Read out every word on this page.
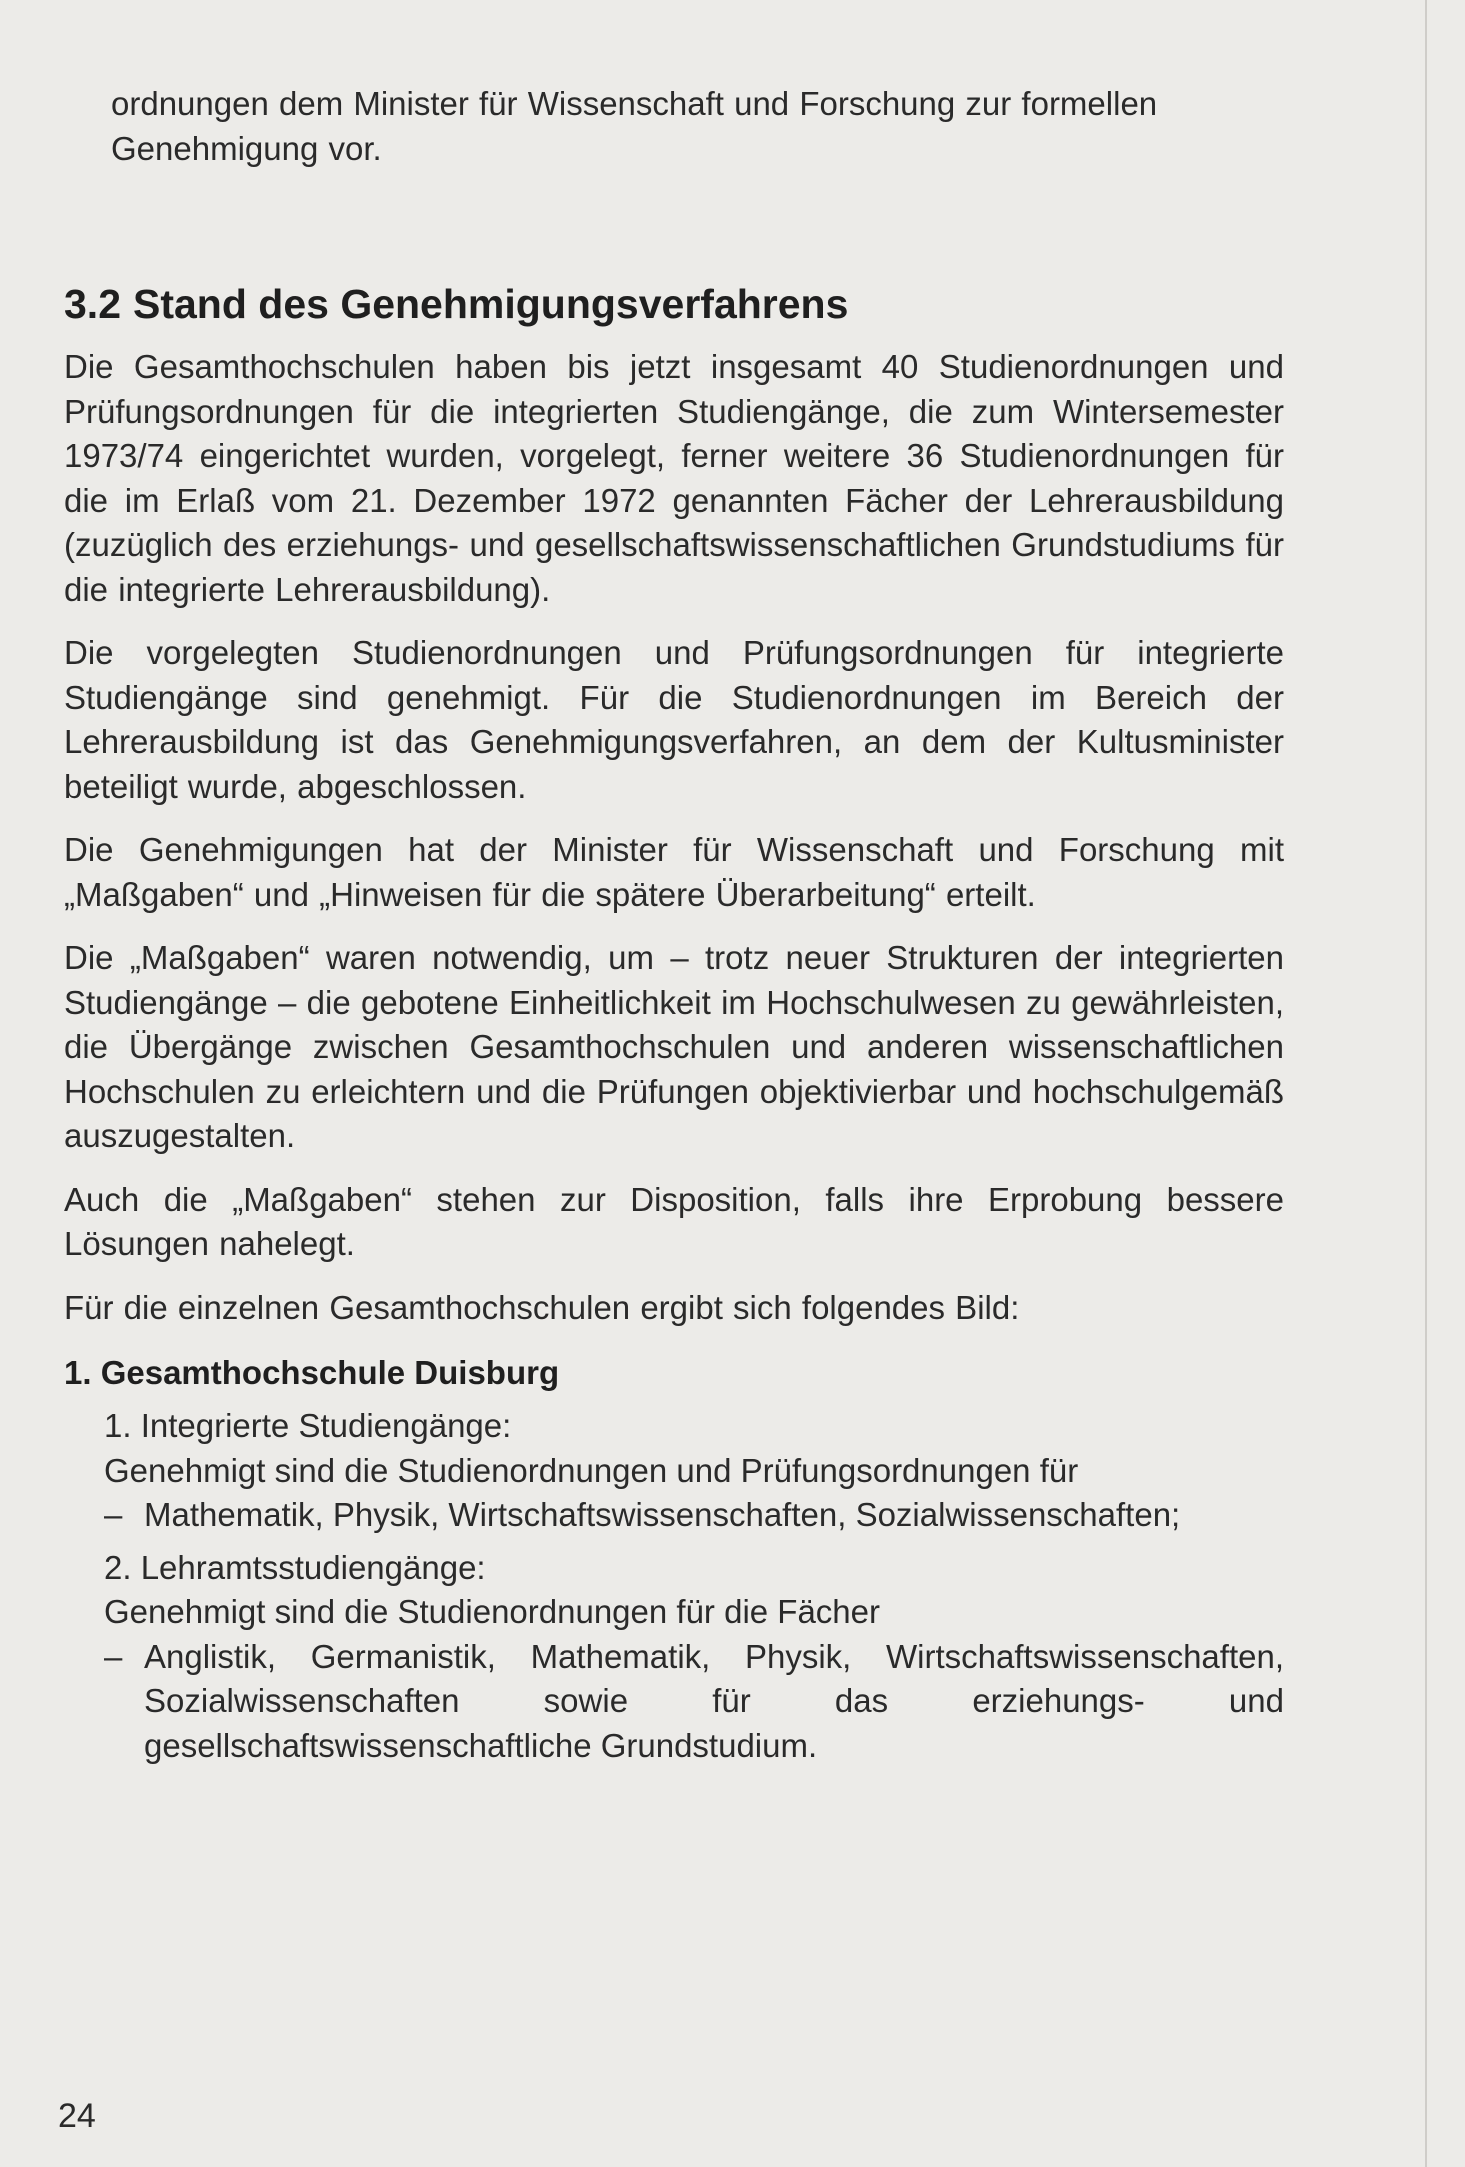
ordnungen dem Minister für Wissenschaft und Forschung zur formellen Genehmigung vor.

3.2 Stand des Genehmigungsverfahrens

Die Gesamthochschulen haben bis jetzt insgesamt 40 Studienordnungen und Prüfungsordnungen für die integrierten Studiengänge, die zum Wintersemester 1973/74 eingerichtet wurden, vorgelegt, ferner weitere 36 Studienordnungen für die im Erlaß vom 21. Dezember 1972 genannten Fächer der Lehrerausbildung (zuzüglich des erziehungs- und gesellschaftswissenschaftlichen Grundstudiums für die integrierte Lehrerausbildung).

Die vorgelegten Studienordnungen und Prüfungsordnungen für integrierte Studiengänge sind genehmigt. Für die Studienordnungen im Bereich der Lehrerausbildung ist das Genehmigungsverfahren, an dem der Kultusminister beteiligt wurde, abgeschlossen.

Die Genehmigungen hat der Minister für Wissenschaft und Forschung mit „Maßgaben“ und „Hinweisen für die spätere Überarbeitung“ erteilt.

Die „Maßgaben“ waren notwendig, um – trotz neuer Strukturen der integrierten Studiengänge – die gebotene Einheitlichkeit im Hochschulwesen zu gewährleisten, die Übergänge zwischen Gesamthochschulen und anderen wissenschaftlichen Hochschulen zu erleichtern und die Prüfungen objektivierbar und hochschulgemäß auszugestalten.

Auch die „Maßgaben“ stehen zur Disposition, falls ihre Erprobung bessere Lösungen nahelegt.

Für die einzelnen Gesamthochschulen ergibt sich folgendes Bild:

1. Gesamthochschule Duisburg
1. Integrierte Studiengänge:
Genehmigt sind die Studienordnungen und Prüfungsordnungen für
– Mathematik, Physik, Wirtschaftswissenschaften, Sozialwissenschaften;
2. Lehramtsstudiengänge:
Genehmigt sind die Studienordnungen für die Fächer
– Anglistik, Germanistik, Mathematik, Physik, Wirtschaftswissenschaften, Sozialwissenschaften sowie für das erziehungs- und gesellschaftswissenschaftliche Grundstudium.
24
